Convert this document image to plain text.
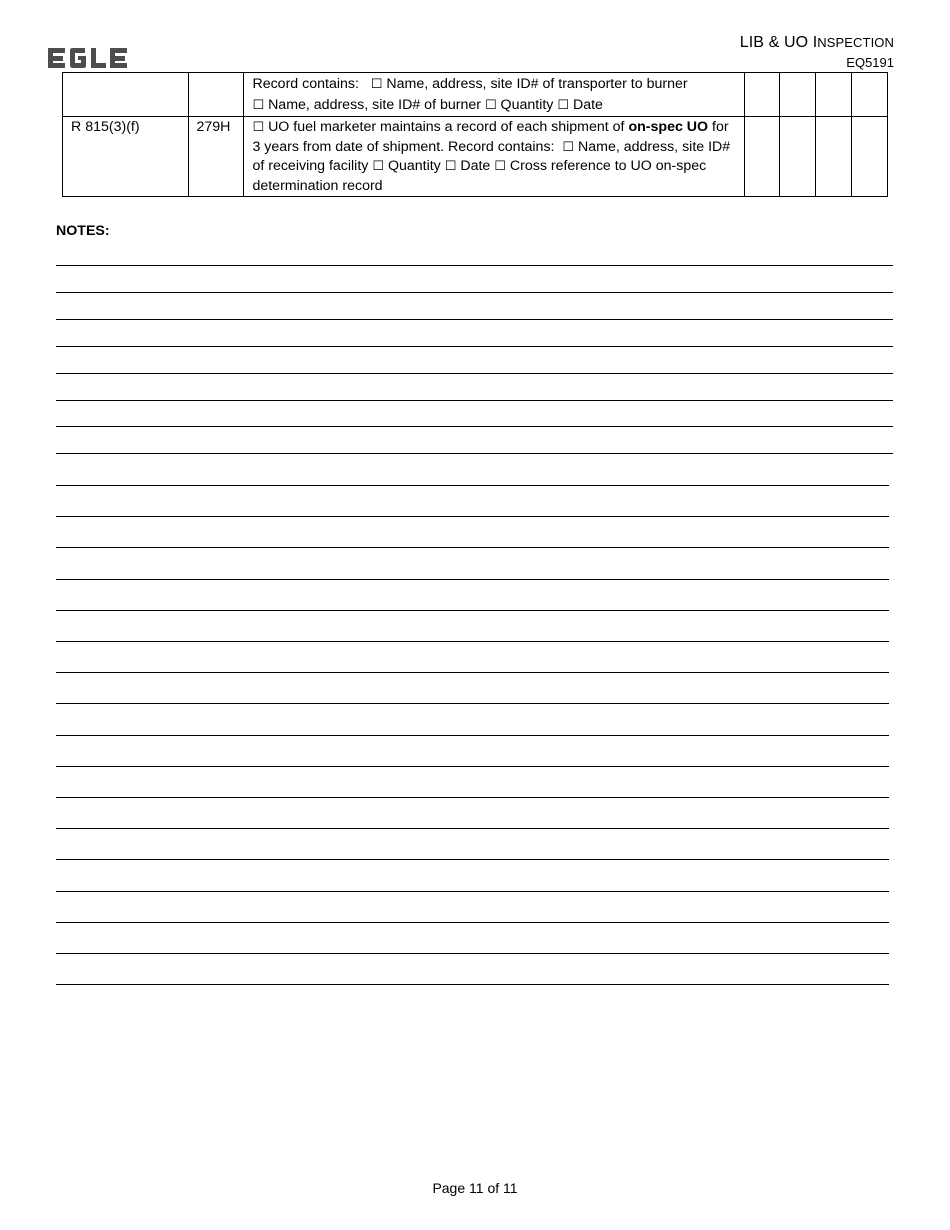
LIB & UO INSPECTION
EQ5191
		Record contains: ☐ Name, address, site ID# of transporter to burner
☐ Name, address, site ID# of burner ☐ Quantity ☐ Date				
R 815(3)(f)	279H	☐ UO fuel marketer maintains a record of each shipment of on-spec UO for 3 years from date of shipment. Record contains: ☐ Name, address, site ID# of receiving facility ☐ Quantity ☐ Date ☐ Cross reference to UO on-spec determination record				
NOTES:
Page 11 of 11
